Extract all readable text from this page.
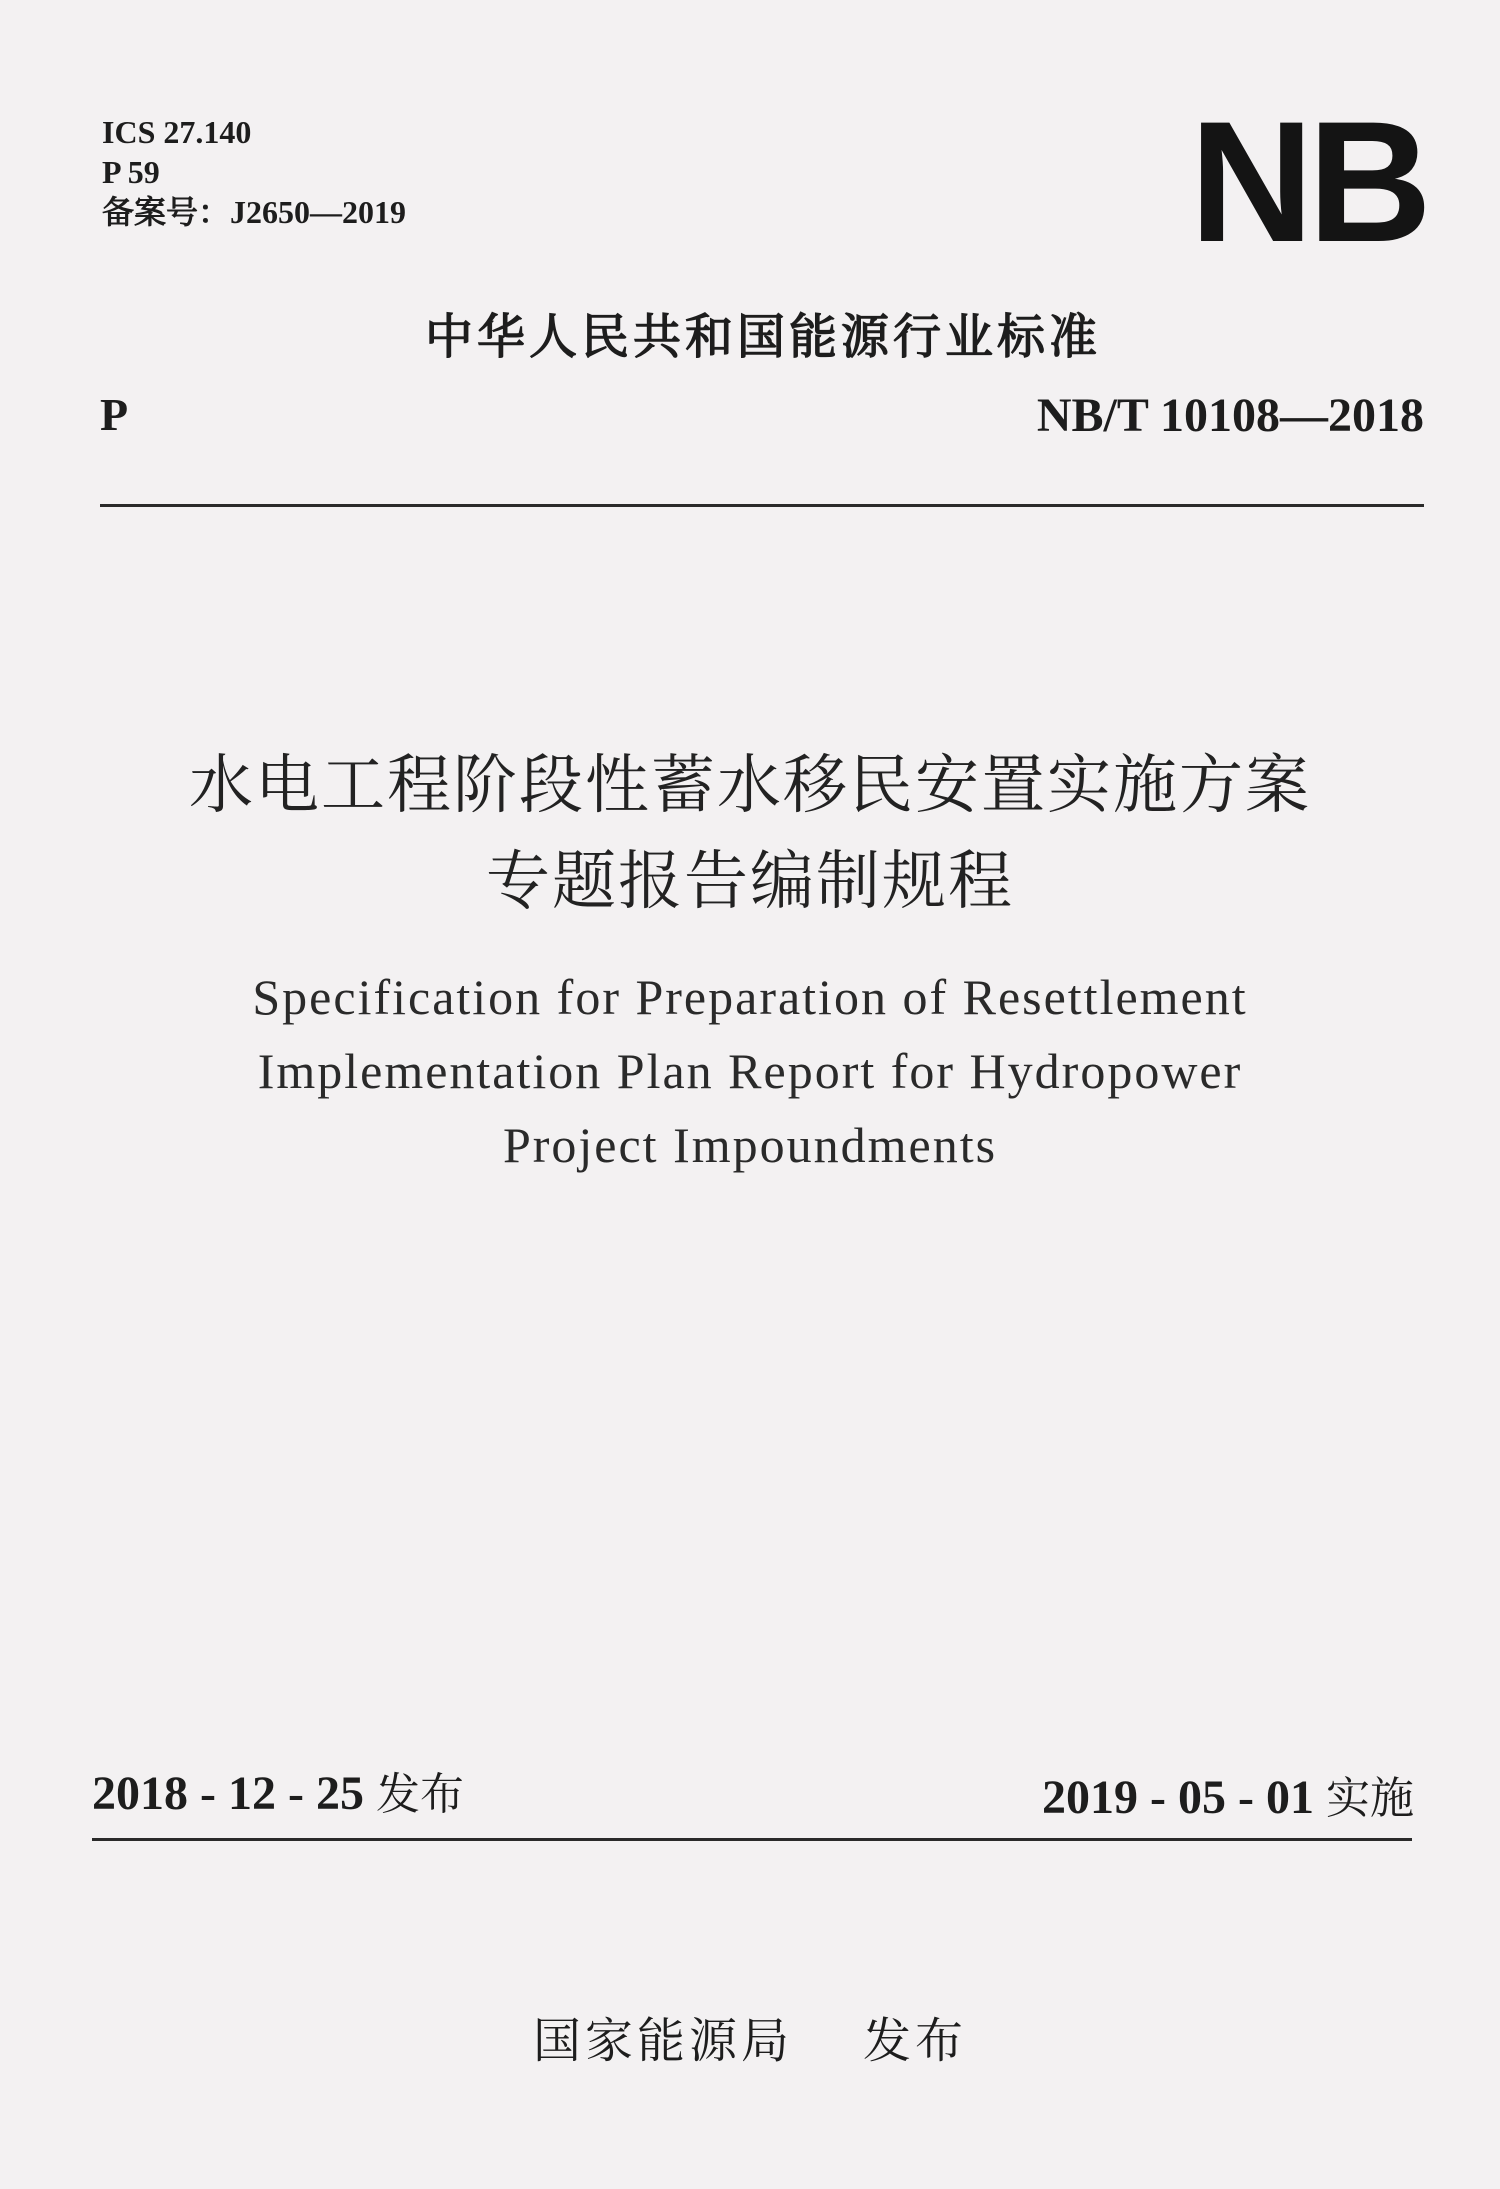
ICS 27.140
P 59
备案号：J2650—2019	NB
中华人民共和国能源行业标准
P	NB/T 10108—2018
水电工程阶段性蓄水移民安置实施方案
专题报告编制规程
Specification for Preparation of Resettlement
Implementation Plan Report for Hydropower
Project Impoundments
2018 - 12 - 25 发布	2019 - 05 - 01 实施
国家能源局 发布
